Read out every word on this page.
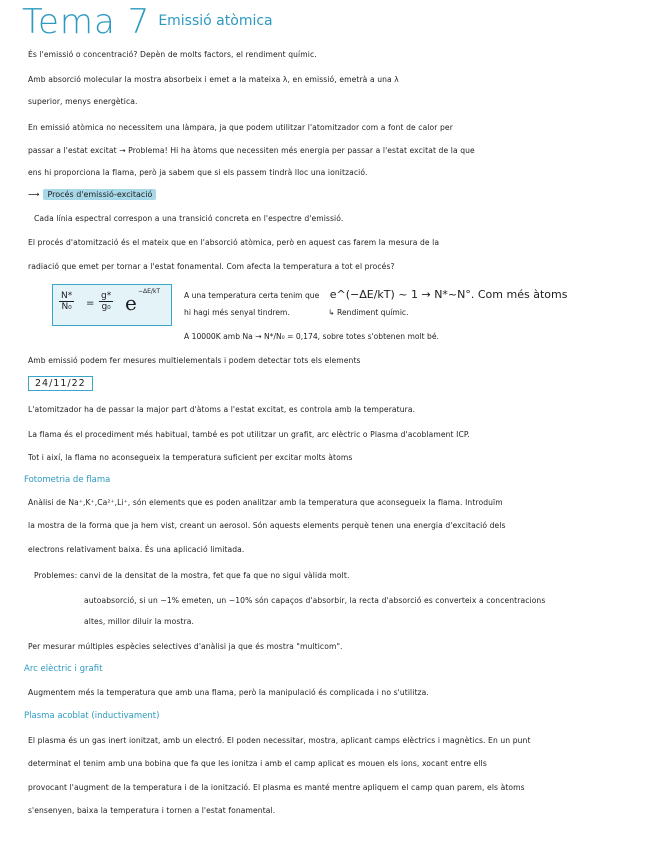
Tema 7 Emissió atòmica
És l'emissió o concentració? Depèn de molts factors, el rendiment químic.
Amb absorció molecular la mostra absorbeix i emet a la mateixa λ, en emissió, emetrà a una λ
superior, menys energètica.
En emissió atòmica no necessitem una làmpara, ja que podem utilitzar l'atomitzador com a font de calor per
passar a l'estat excitat → Problema! Hi ha àtoms que necessiten més energia per passar a l'estat excitat de la que
ens hi proporciona la flama, però ja sabem que si els passem tindrà lloc una ionització.
⟶ Procés d'emissió-excitació
Cada línia espectral correspon a una transició concreta en l'espectre d'emissió.
El procés d'atomització és el mateix que en l'absorció atòmica, però en aquest cas farem la mesura de la
radiació que emet per tornar a l'estat fonamental. Com afecta la temperatura a tot el procés?
$\frac{N*}{\text{N₀}} = \frac{g*}{\text{g₀}}$ e −ΔE/kT	A una temperatura certa tenim que e^(−ΔE/kT) ~ 1 → N*~N°. Com més àtoms
hi hagi més senyal tindrem.	↳ Rendiment químic.
A 10000K amb Na → N*/N₀ = 0,174, sobre totes s'obtenen molt bé.
Amb emissió podem fer mesures multielementals i podem detectar tots els elements
24/11/22
L'atomitzador ha de passar la major part d'àtoms a l'estat excitat, es controla amb la temperatura.
La flama és el procediment més habitual, també es pot utilitzar un grafit, arc elèctric o Plasma d'acoblament ICP.
Tot i així, la flama no aconsegueix la temperatura suficient per excitar molts àtoms
Fotometria de flama
Anàlisi de Na⁺,K⁺,Ca²⁺,Li⁺, són elements que es poden analitzar amb la temperatura que aconsegueix la flama. Introduïm
la mostra de la forma que ja hem vist, creant un aerosol. Són aquests elements perquè tenen una energia d'excitació dels
electrons relativament baixa. És una aplicació limitada.
Problemes: canvi de la densitat de la mostra, fet que fa que no sigui vàlida molt.
autoabsorció, si un ~1% emeten, un ~10% són capaços d'absorbir, la recta d'absorció es converteix a concentracions
altes, millor diluir la mostra.
Per mesurar múltiples espècies selectives d'anàlisi ja que és mostra "multicom".
Arc elèctric i grafit
Augmentem més la temperatura que amb una flama, però la manipulació és complicada i no s'utilitza.
Plasma acoblat (inductivament)
El plasma és un gas inert ionitzat, amb un electró. El poden necessitar, mostra, aplicant camps elèctrics i magnètics. En un punt
determinat el tenim amb una bobina que fa que les ionitza i amb el camp aplicat es mouen els ions, xocant entre ells
provocant l'augment de la temperatura i de la ionització. El plasma es manté mentre apliquem el camp quan parem, els àtoms
s'ensenyen, baixa la temperatura i tornen a l'estat fonamental.
